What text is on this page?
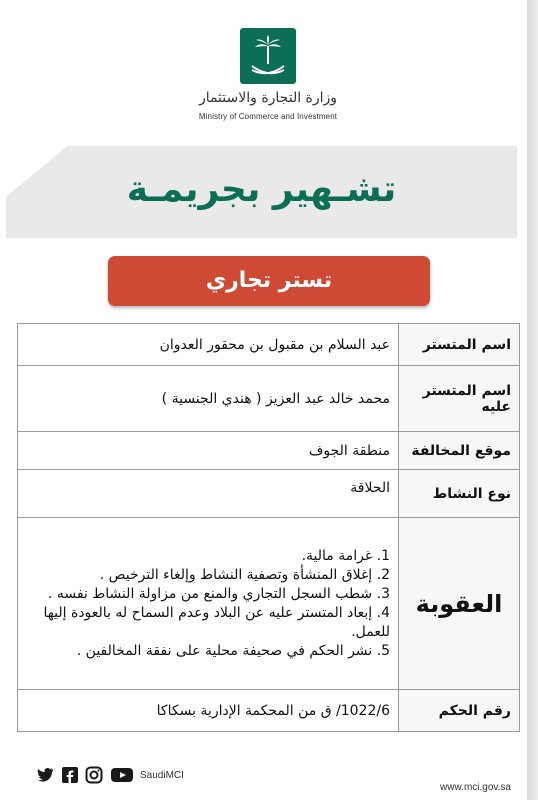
وزارة التجارة والاستثمار
Ministry of Commerce and Investment
تشـهير بجريمـة
تستر تجاري
اسم المتستر	عبد السلام بن مقبول بن محقور العدوان
اسم المتستر عليه	محمد خالد عبد العزيز ( هندي الجنسية )
موقع المخالفة	منطقة الجوف
نوع النشاط	الحلاقة
العقوبة	1. غرامة مالية.
2. إغلاق المنشأة وتصفية النشاط وإلغاء الترخيص .
3. شطب السجل التجاري والمنع من مزاولة النشاط نفسه .
4. إبعاد المتستر عليه عن البلاد وعدم السماح له بالعودة إليها للعمل.
5. نشر الحكم في صحيفة محلية على نفقة المخالفين .

رقم الحكم	1022/6/ ق من المحكمة الإدارية بسكاكا
SaudiMCI
www.mci.gov.sa
